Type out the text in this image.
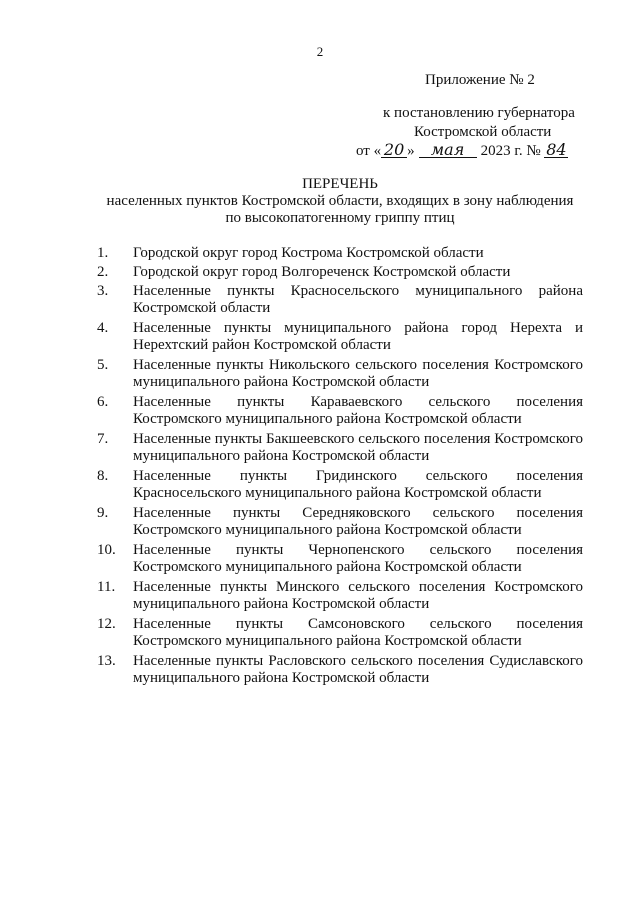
2
Приложение № 2
к постановлению губернатора
Костромской области
от « 20 » мая 2023 г. № 84
ПЕРЕЧЕНЬ
населенных пунктов Костромской области, входящих в зону наблюдения
по высокопатогенному гриппу птиц
1. Городской округ город Кострома Костромской области
2. Городской округ город Волгореченск Костромской области
3. Населенные пункты Красносельского муниципального района Костромской области
4. Населенные пункты муниципального района город Нерехта и Нерехтский район Костромской области
5. Населенные пункты Никольского сельского поселения Костромского муниципального района Костромской области
6. Населенные пункты Караваевского сельского поселения Костромского муниципального района Костромской области
7. Населенные пункты Бакшеевского сельского поселения Костромского муниципального района Костромской области
8. Населенные пункты Гридинского сельского поселения Красносельского муниципального района Костромской области
9. Населенные пункты Середняковского сельского поселения Костромского муниципального района Костромской области
10. Населенные пункты Чернопенского сельского поселения Костромского муниципального района Костромской области
11. Населенные пункты Минского сельского поселения Костромского муниципального района Костромской области
12. Населенные пункты Самсоновского сельского поселения Костромского муниципального района Костромской области
13. Населенные пункты Расловского сельского поселения Судиславского муниципального района Костромской области
